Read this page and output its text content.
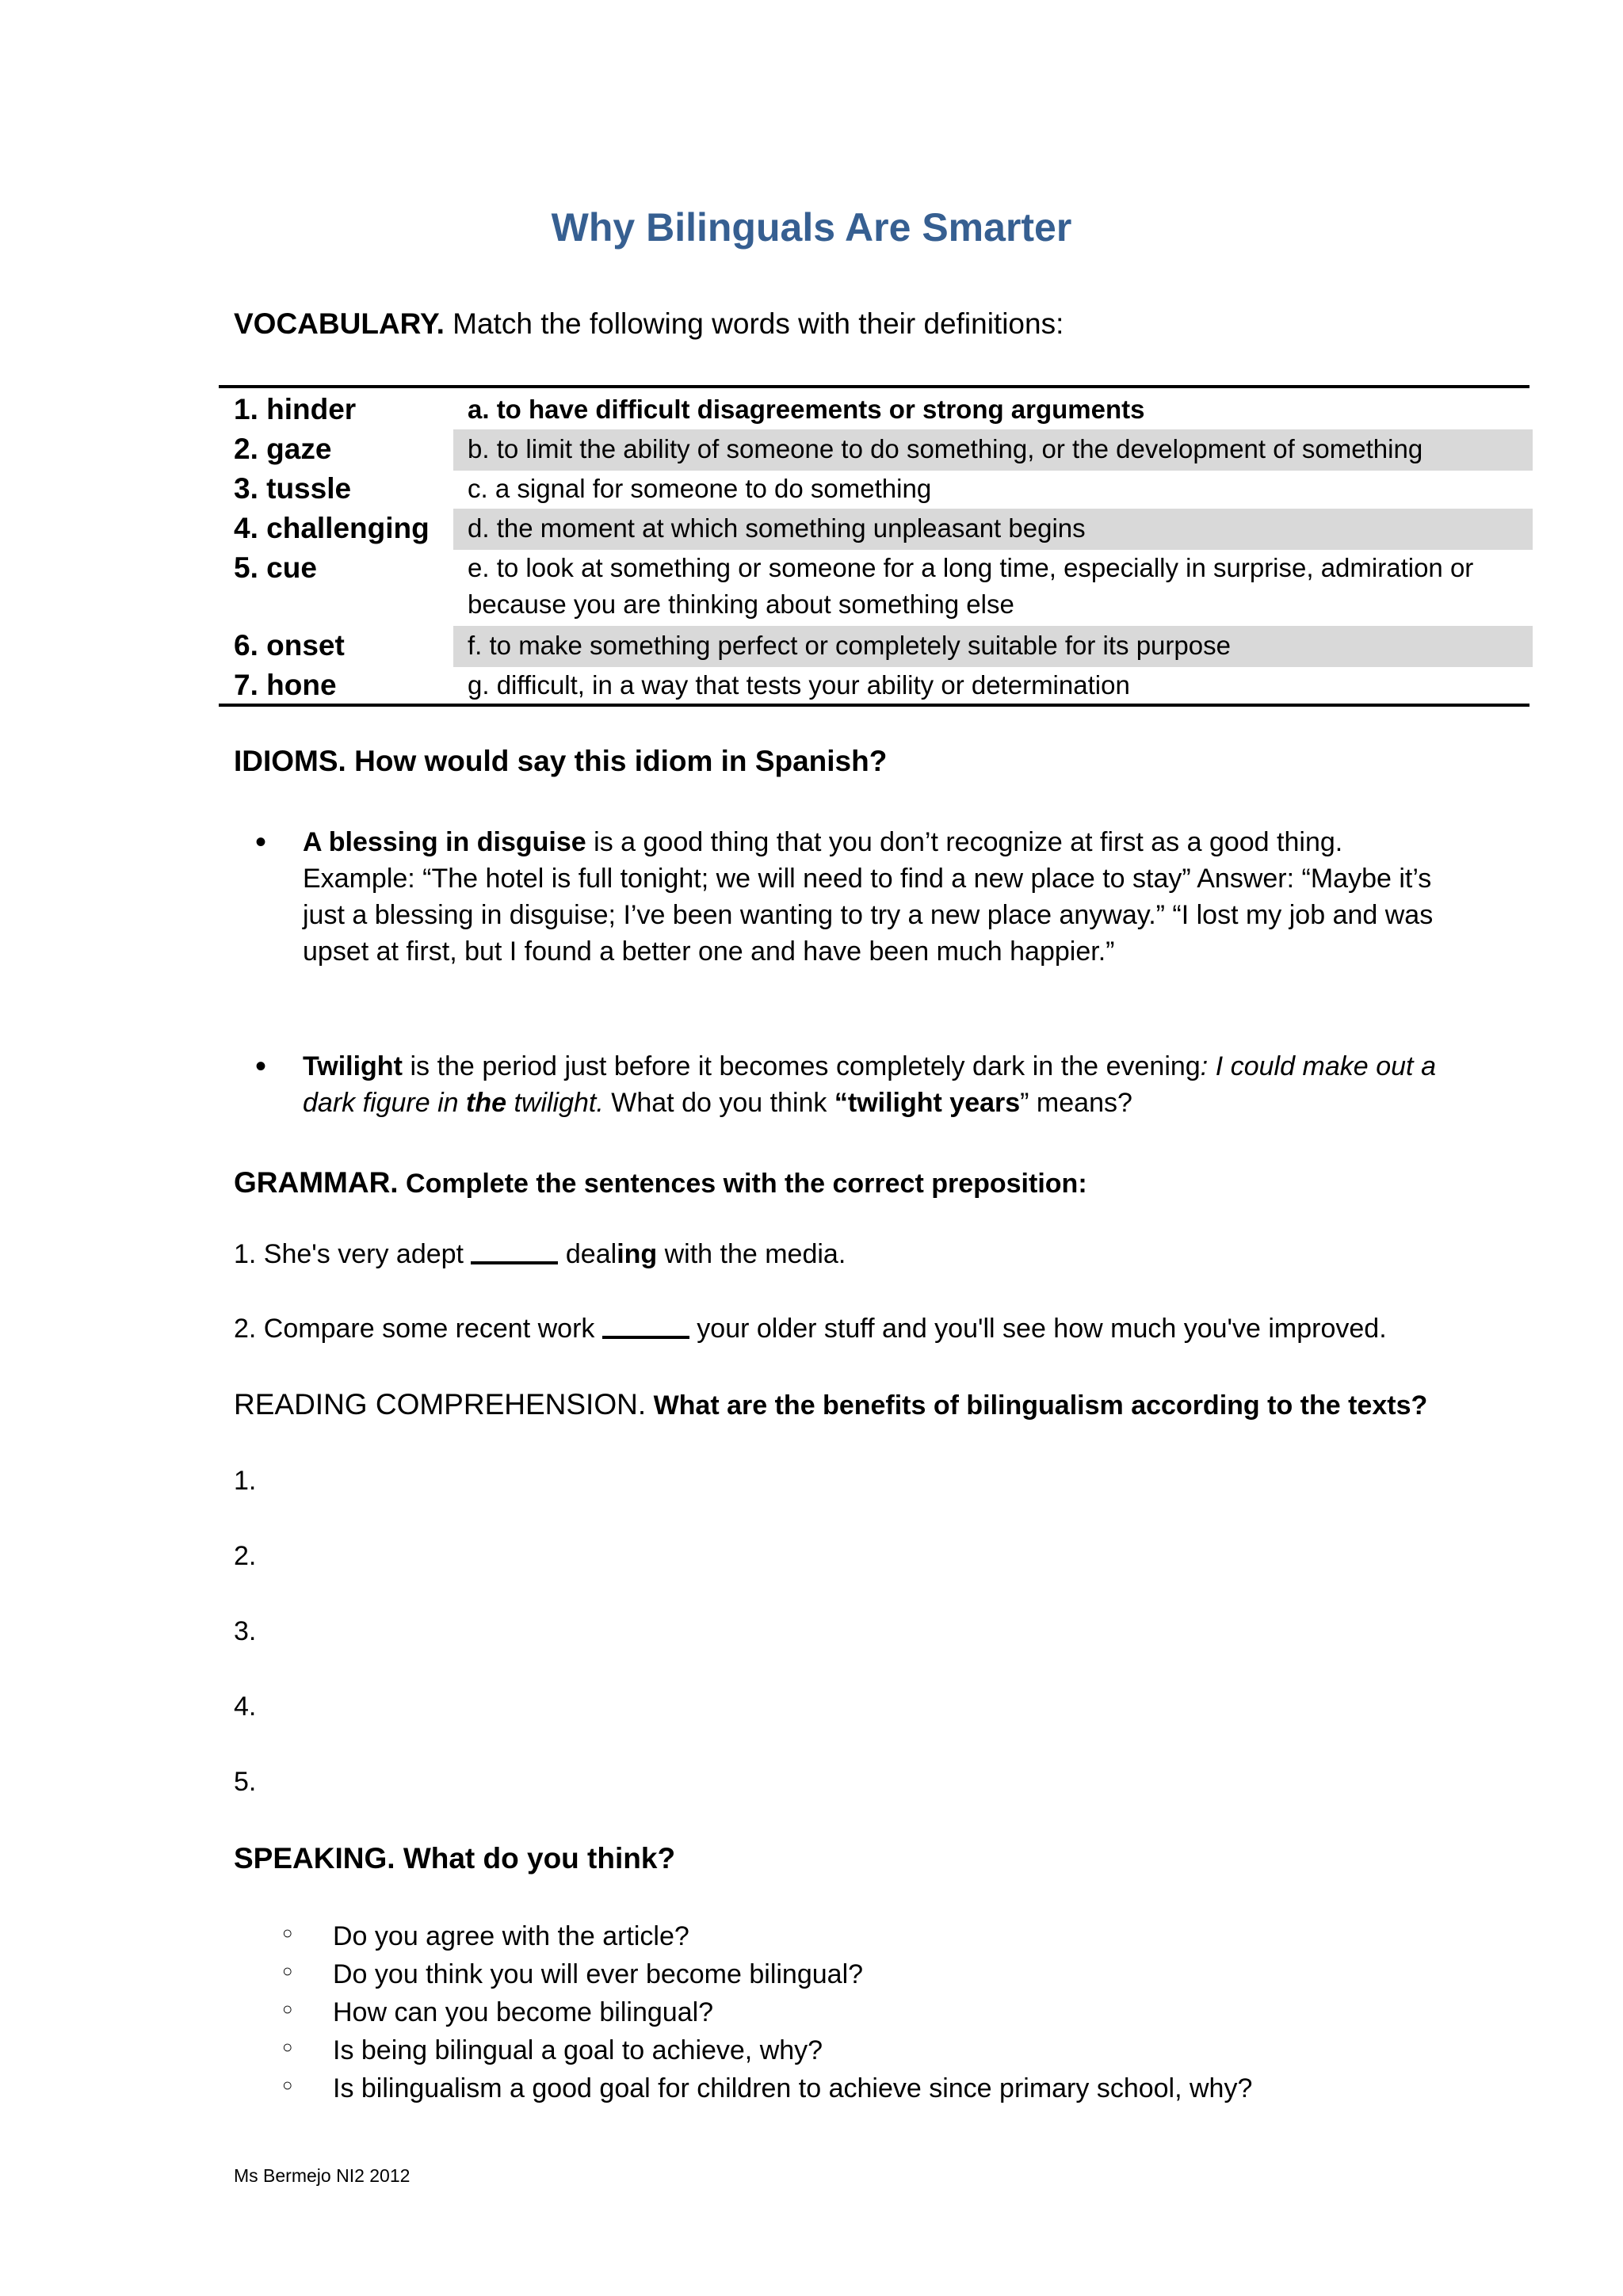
Why Bilinguals Are Smarter
VOCABULARY. Match the following words with their definitions:
1. hinder	a. to have difficult disagreements or strong arguments
2. gaze	b. to limit the ability of someone to do something, or the development of something
3. tussle	c. a signal for someone to do something
4. challenging	d. the moment at which something unpleasant begins
5. cue	e. to look at something or someone for a long time, especially in surprise, admiration or because you are thinking about something else
6. onset	f. to make something perfect or completely suitable for its purpose
7. hone	g. difficult, in a way that tests your ability or determination
IDIOMS. How would say this idiom in Spanish?
• A blessing in disguise is a good thing that you don’t recognize at first as a good thing. Example: “The hotel is full tonight; we will need to find a new place to stay” Answer: “Maybe it’s just a blessing in disguise; I’ve been wanting to try a new place anyway.” “I lost my job and was upset at first, but I found a better one and have been much happier.”
• Twilight is the period just before it becomes completely dark in the evening: I could make out a dark figure in the twilight. What do you think “twilight years” means?
GRAMMAR. Complete the sentences with the correct preposition:
1. She's very adept	dealing with the media.
2. Compare some recent work	your older stuff and you'll see how much you've improved.
READING COMPREHENSION. What are the benefits of bilingualism according to the texts?
1.
2.
3.
4.
5.
SPEAKING. What do you think?
○ Do you agree with the article?
○ Do you think you will ever become bilingual?
○ How can you become bilingual?
○ Is being bilingual a goal to achieve, why?
○ Is bilingualism a good goal for children to achieve since primary school, why?
Ms Bermejo NI2 2012
